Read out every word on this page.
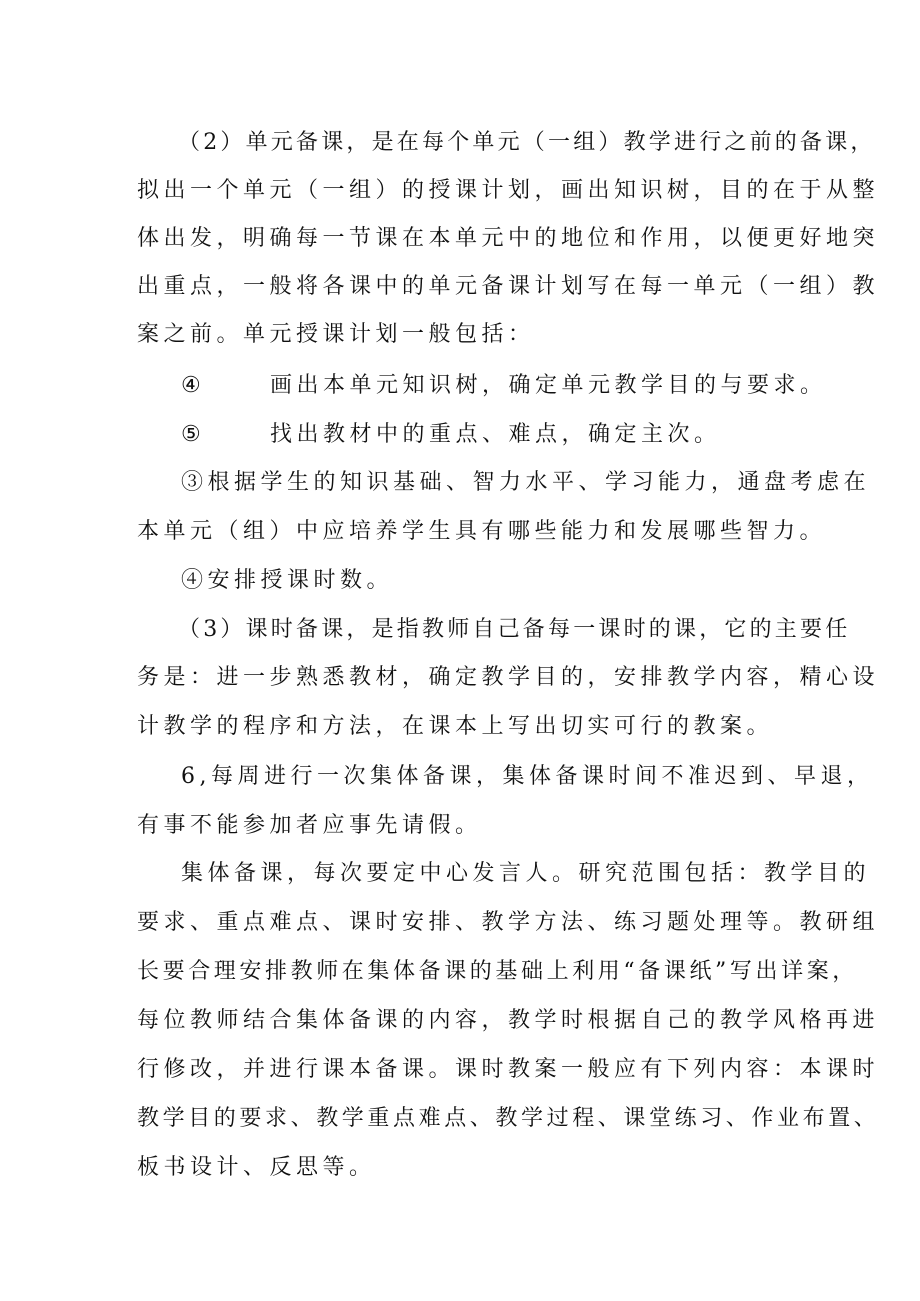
（2）单元备课，是在每个单元（一组）教学进行之前的备课，
拟出一个单元（一组）的授课计划，画出知识树，目的在于从整
体出发，明确每一节课在本单元中的地位和作用，以便更好地突
出重点，一般将各课中的单元备课计划写在每一单元（一组）教
案之前。单元授课计划一般包括：
④	画出本单元知识树，确定单元教学目的与要求。
⑤	找出教材中的重点、难点，确定主次。
③根据学生的知识基础、智力水平、学习能力，通盘考虑在
本单元（组）中应培养学生具有哪些能力和发展哪些智力。
④安排授课时数。
（3）课时备课，是指教师自己备每一课时的课，它的主要任
务是：进一步熟悉教材，确定教学目的，安排教学内容，精心设
计教学的程序和方法，在课本上写出切实可行的教案。
6,每周进行一次集体备课，集体备课时间不准迟到、早退，
有事不能参加者应事先请假。
集体备课，每次要定中心发言人。研究范围包括：教学目的
要求、重点难点、课时安排、教学方法、练习题处理等。教研组
长要合理安排教师在集体备课的基础上利用“备课纸”写出详案，
每位教师结合集体备课的内容，教学时根据自己的教学风格再进
行修改，并进行课本备课。课时教案一般应有下列内容：本课时
教学目的要求、教学重点难点、教学过程、课堂练习、作业布置、
板书设计、反思等。
